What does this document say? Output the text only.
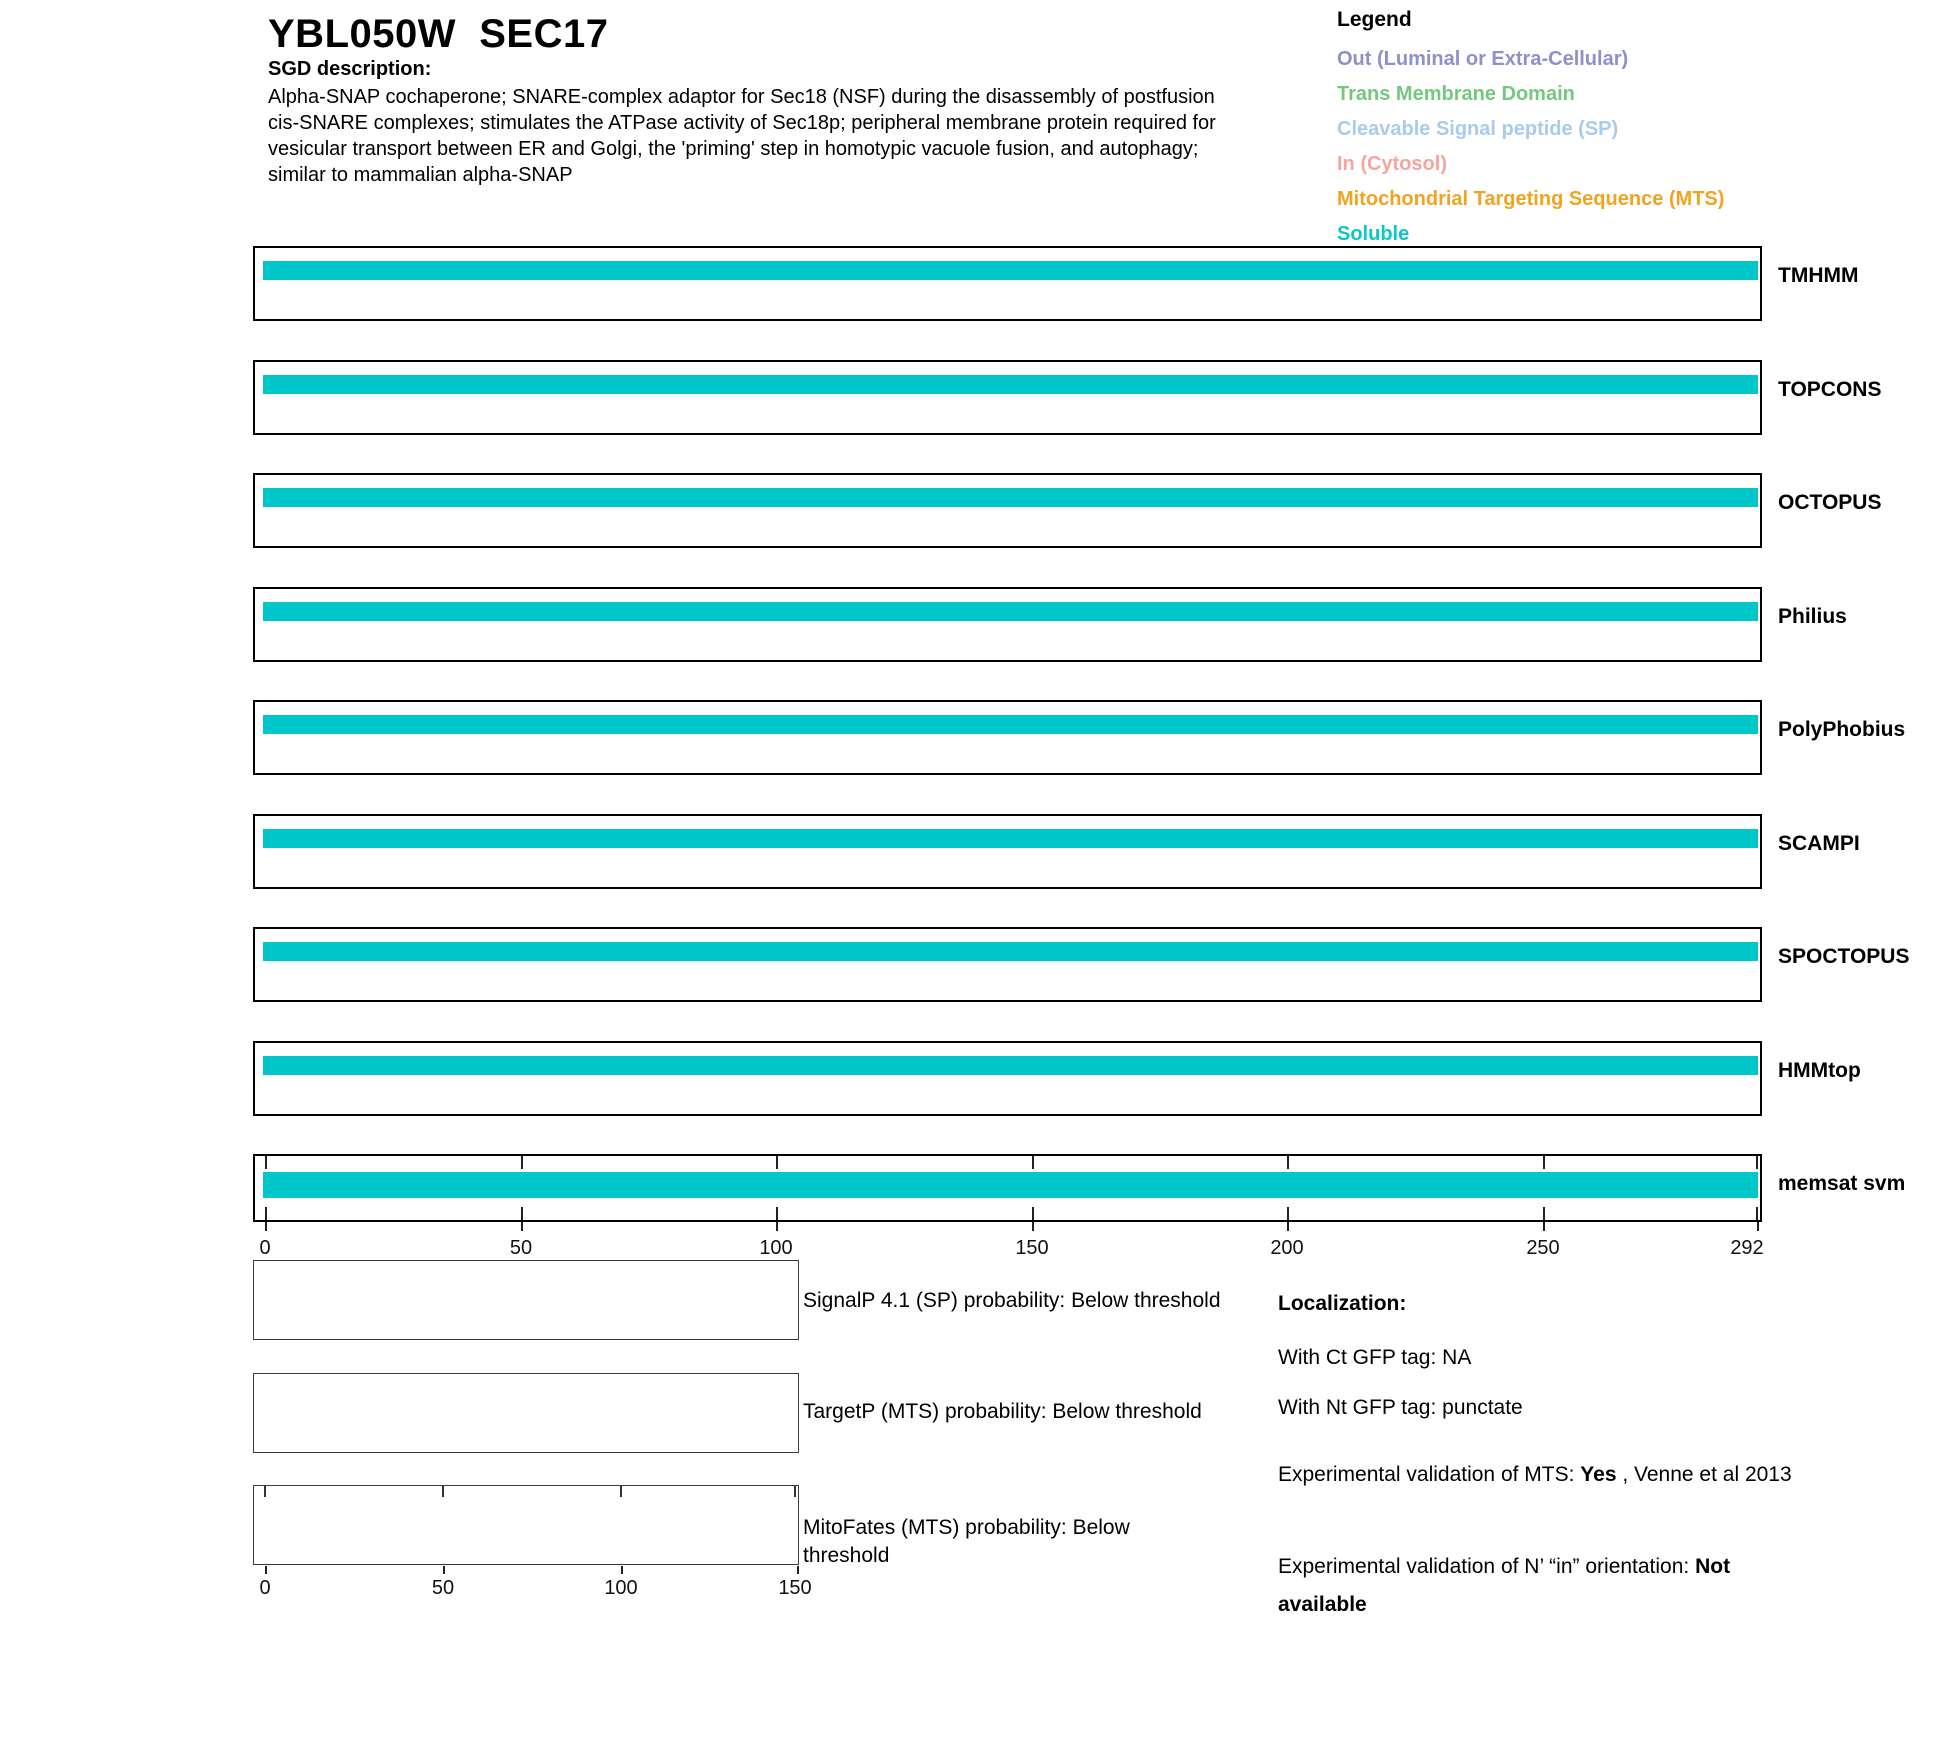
YBL050W  SEC17
SGD description:
Alpha-SNAP cochaperone; SNARE-complex adaptor for Sec18 (NSF) during the disassembly of postfusion
cis-SNARE complexes; stimulates the ATPase activity of Sec18p; peripheral membrane protein required for
vesicular transport between ER and Golgi, the 'priming' step in homotypic vacuole fusion, and autophagy;
similar to mammalian alpha-SNAP
Legend
Out (Luminal or Extra-Cellular)
Trans Membrane Domain
Cleavable Signal peptide (SP)
In (Cytosol)
Mitochondrial Targeting Sequence (MTS)
Soluble
TMHMM
TOPCONS
OCTOPUS
Philius
PolyPhobius
SCAMPI
SPOCTOPUS
HMMtop
memsat svm
0	50	100	150	200	250	292
SignalP 4.1 (SP) probability: Below threshold
TargetP (MTS) probability: Below threshold
MitoFates (MTS) probability: Below threshold
0	50	100	150
Localization:
With Ct GFP tag: NA
With Nt GFP tag: punctate
Experimental validation of MTS: Yes , Venne et al 2013
Experimental validation of N’ “in” orientation: Not available
